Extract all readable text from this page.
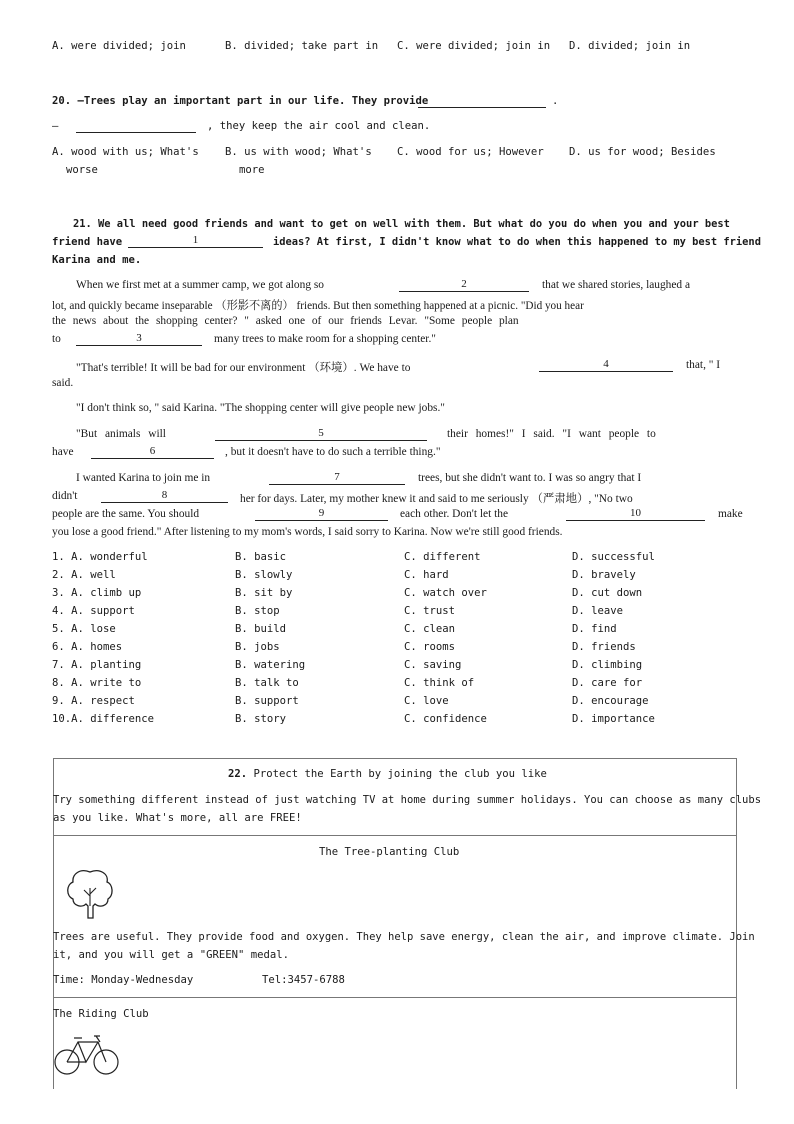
A. were divided; join	B. divided; take part in C. were divided; join in D. divided; join in
20. —Trees play an important part in our life. They provide	.
—	, they keep the air cool and clean.
A. wood with us; What's
worse
B. us with wood; What's
more
C. wood for us; However D. us for wood; Besides
21. We all need good friends and want to get on well with them. But what do you do when you and your best
friend have	1	ideas? At first, I didn't know what to do when this happened to my best friend
Karina and me.
When we first met at a summer camp, we got along so	2	that we shared stories, laughed a
lot, and quickly became inseparable （形影不离的） friends. But then something happened at a picnic. "Did you hear
the news about the shopping center? " asked one of our friends Levar. "Some people plan
to	3	many trees to make room for a shopping center."
"That's terrible! It will be bad for our environment （环境）. We have to	4	that, " I
said.
"I don't think so, " said Karina. "The shopping center will give people new jobs."
"But animals will	5	their homes!" I said. "I want people to
have	6	, but it doesn't have to do such a terrible thing."
I wanted Karina to join me in	7	trees, but she didn't want to. I was so angry that I
didn't	8	her for days. Later, my mother knew it and said to me seriously （严肃地）, "No two
people are the same. You should	9	each other. Don't let the	10	make
you lose a good friend." After listening to my mom's words, I said sorry to Karina. Now we're still good friends.
1. A. wonderful	B. basic	C. different	D. successful
2. A. well	B. slowly	C. hard	D. bravely
3. A. climb up	B. sit by	C. watch over	D. cut down
4. A. support	B. stop	C. trust	D. leave
5. A. lose	B. build	C. clean	D. find
6. A. homes	B. jobs	C. rooms	D. friends
7. A. planting	B. watering	C. saving	D. climbing
8. A. write to	B. talk to	C. think of	D. care for
9. A. respect	B. support	C. love	D. encourage
10.A. difference	B. story	C. confidence	D. importance
22. Protect the Earth by joining the club you like
Try something different instead of just watching TV at home during summer holidays. You can choose as many clubs
as you like. What's more, all are FREE!
The Tree-planting Club
Trees are useful. They provide food and oxygen. They help save energy, clean the air, and improve climate. Join
it, and you will get a "GREEN" medal.
Time: Monday-Wednesday	Tel:3457-6788
The Riding Club
